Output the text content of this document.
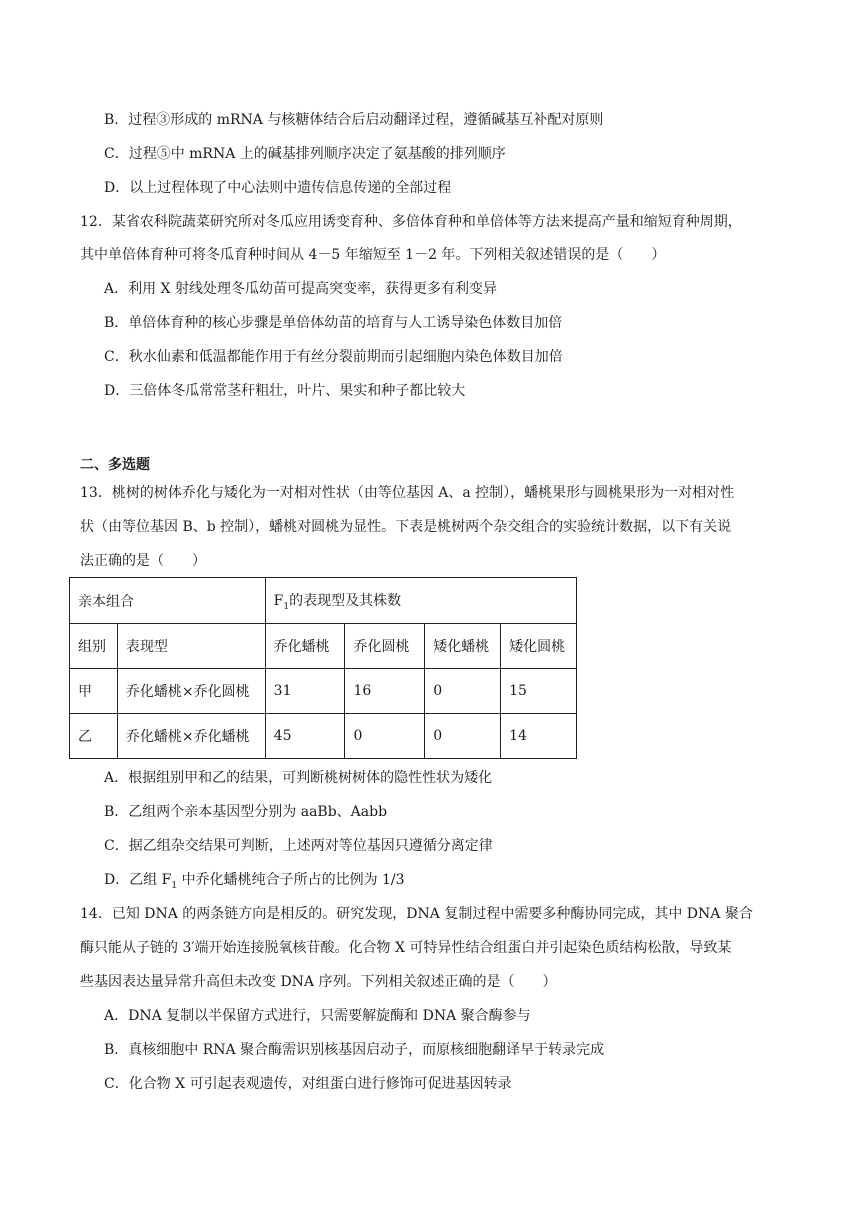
B．过程③形成的 mRNA 与核糖体结合后启动翻译过程，遵循碱基互补配对原则
C．过程⑤中 mRNA 上的碱基排列顺序决定了氨基酸的排列顺序
D．以上过程体现了中心法则中遗传信息传递的全部过程
12．某省农科院蔬菜研究所对冬瓜应用诱变育种、多倍体育种和单倍体等方法来提高产量和缩短育种周期，
其中单倍体育种可将冬瓜育种时间从 4－5 年缩短至 1－2 年。下列相关叙述错误的是（　　）
A．利用 X 射线处理冬瓜幼苗可提高突变率，获得更多有利变异
B．单倍体育种的核心步骤是单倍体幼苗的培育与人工诱导染色体数目加倍
C．秋水仙素和低温都能作用于有丝分裂前期而引起细胞内染色体数目加倍
D．三倍体冬瓜常常茎秆粗壮，叶片、果实和种子都比较大
二、多选题
13．桃树的树体乔化与矮化为一对相对性状（由等位基因 A、a 控制），蟠桃果形与圆桃果形为一对相对性
状（由等位基因 B、b 控制），蟠桃对圆桃为显性。下表是桃树两个杂交组合的实验统计数据，以下有关说
法正确的是（　　）
亲本组合		$F_1$的表现型及其株数			
组别	表现型	乔化蟠桃	乔化圆桃	矮化蟠桃	矮化圆桃
甲	乔化蟠桃×乔化圆桃	31	16	0	15
乙	乔化蟠桃×乔化蟠桃	45	0	0	14
A．根据组别甲和乙的结果，可判断桃树树体的隐性性状为矮化
B．乙组两个亲本基因型分别为 aaBb、Aabb
C．据乙组杂交结果可判断，上述两对等位基因只遵循分离定律
D．乙组 $F_1$ 中乔化蟠桃纯合子所占的比例为 1/3
14．已知 DNA 的两条链方向是相反的。研究发现，DNA 复制过程中需要多种酶协同完成，其中 DNA 聚合
酶只能从子链的 3′端开始连接脱氧核苷酸。化合物 X 可特异性结合组蛋白并引起染色质结构松散，导致某
些基因表达量异常升高但未改变 DNA 序列。下列相关叙述正确的是（　　）
A．DNA 复制以半保留方式进行，只需要解旋酶和 DNA 聚合酶参与
B．真核细胞中 RNA 聚合酶需识别核基因启动子，而原核细胞翻译早于转录完成
C．化合物 X 可引起表观遗传，对组蛋白进行修饰可促进基因转录
